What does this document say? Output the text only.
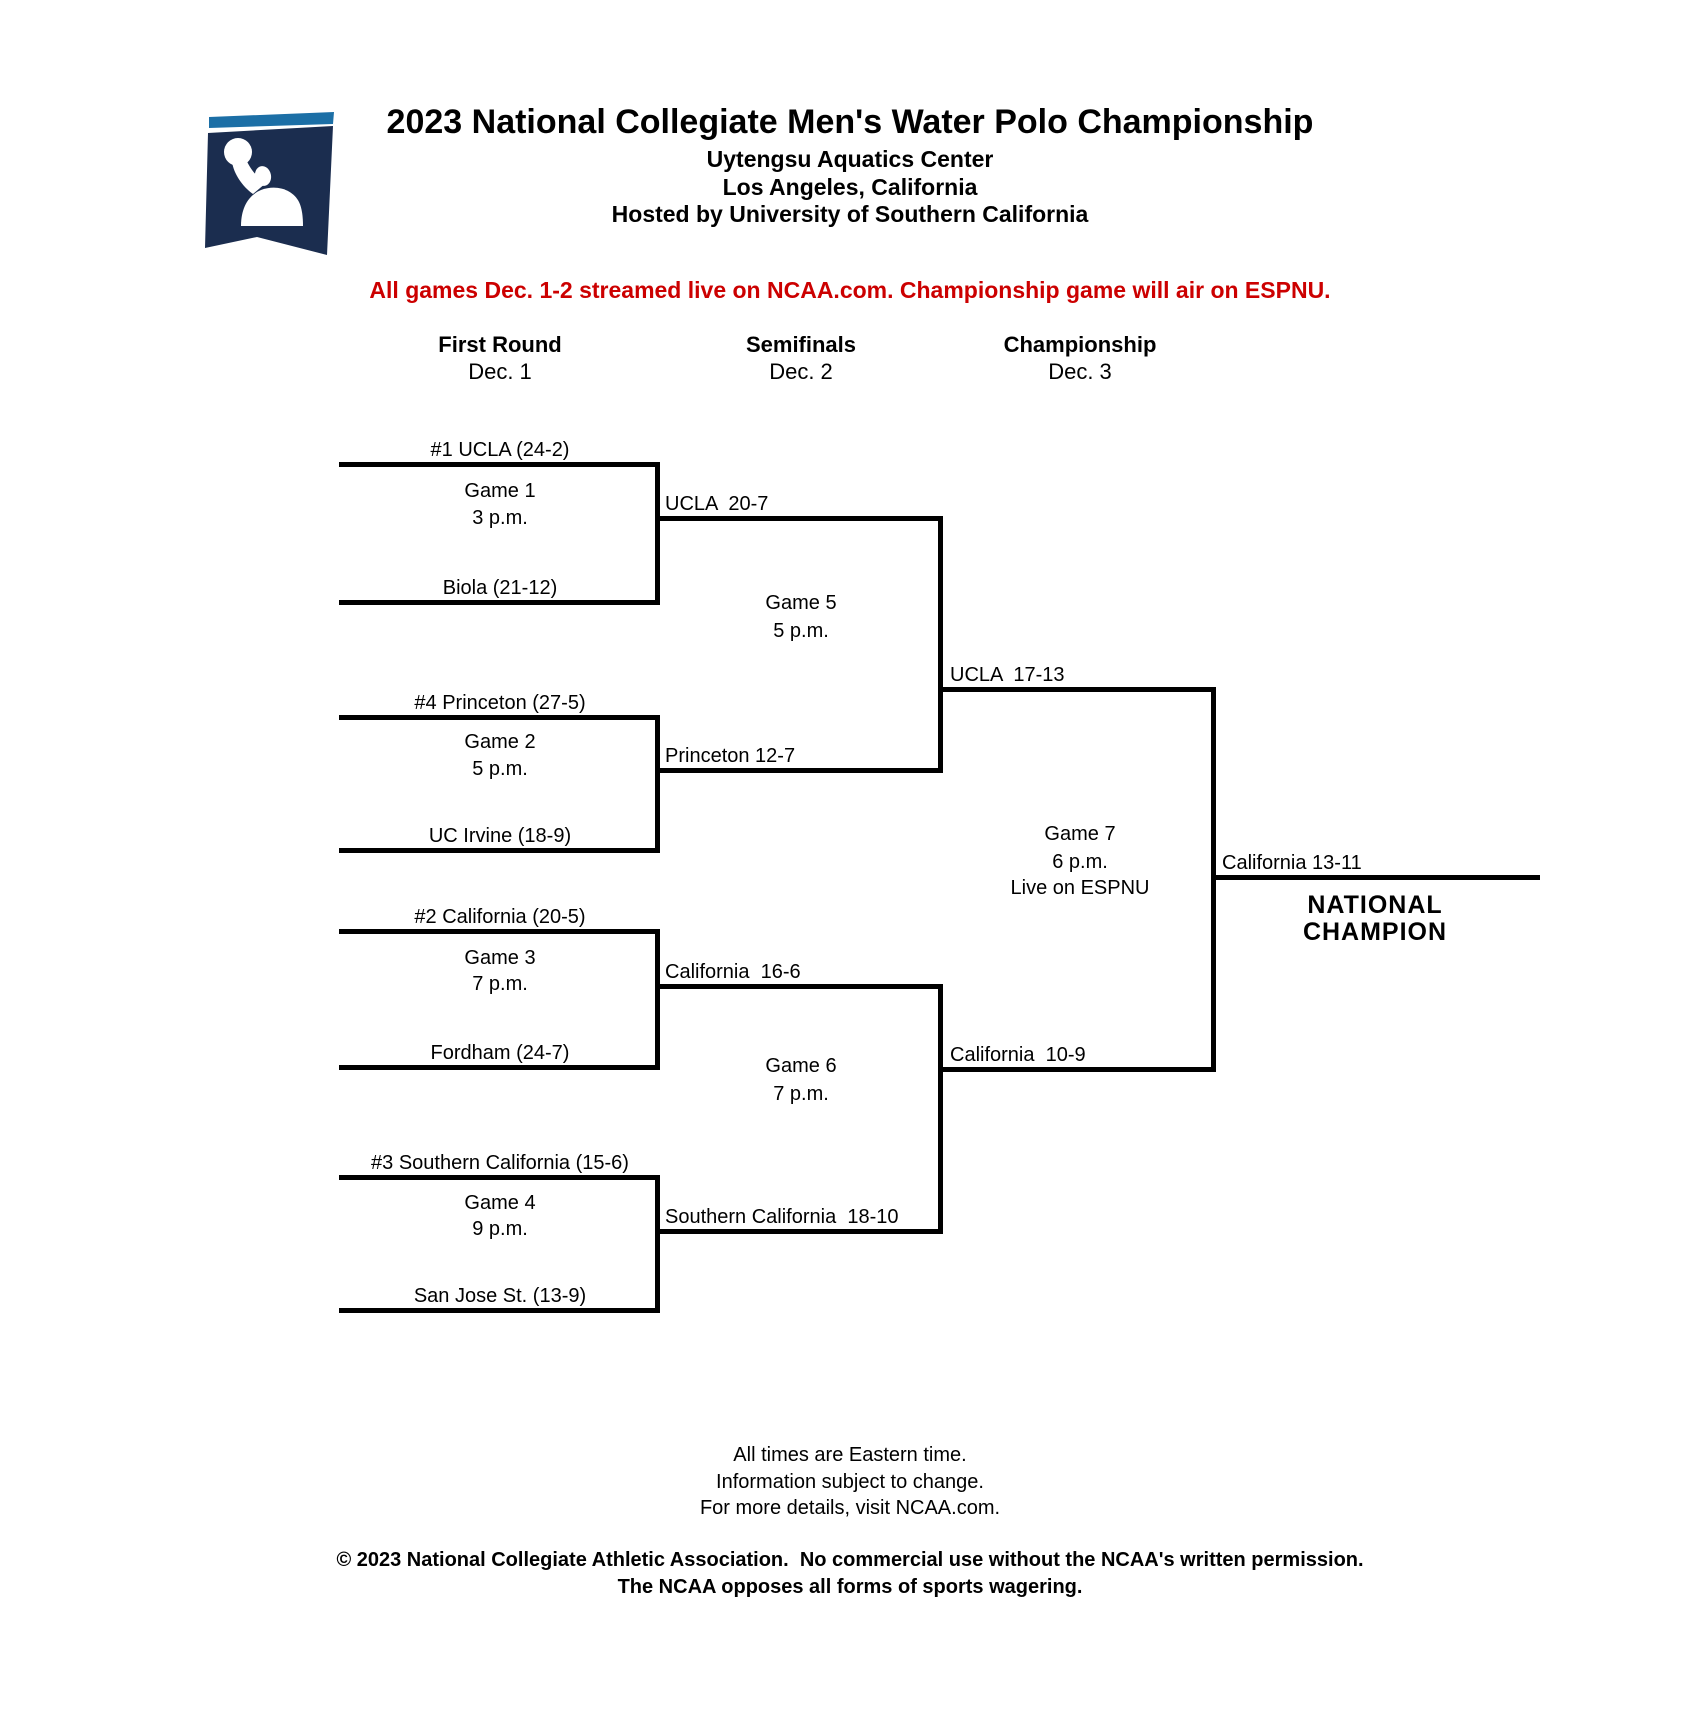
2023 National Collegiate Men's Water Polo Championship
Uytengsu Aquatics Center
Los Angeles, California
Hosted by University of Southern California
All games Dec. 1-2 streamed live on NCAA.com. Championship game will air on ESPNU.
First Round
Dec. 1
Semifinals
Dec. 2
Championship
Dec. 3
#1 UCLA (24-2)
Game 1
3 p.m.
Biola (21-12)
UCLA  20-7
#4 Princeton (27-5)
Game 2
5 p.m.
UC Irvine (18-9)
Princeton 12-7
#2 California (20-5)
Game 3
7 p.m.
Fordham (24-7)
California  16-6
#3 Southern California (15-6)
Game 4
9 p.m.
San Jose St. (13-9)
Southern California  18-10
Game 5
5 p.m.
UCLA  17-13
Game 6
7 p.m.
California  10-9
Game 7
6 p.m.
Live on ESPNU
California 13-11
NATIONAL
CHAMPION
All times are Eastern time.
Information subject to change.
For more details, visit NCAA.com.
© 2023 National Collegiate Athletic Association.  No commercial use without the NCAA's written permission.
The NCAA opposes all forms of sports wagering.
